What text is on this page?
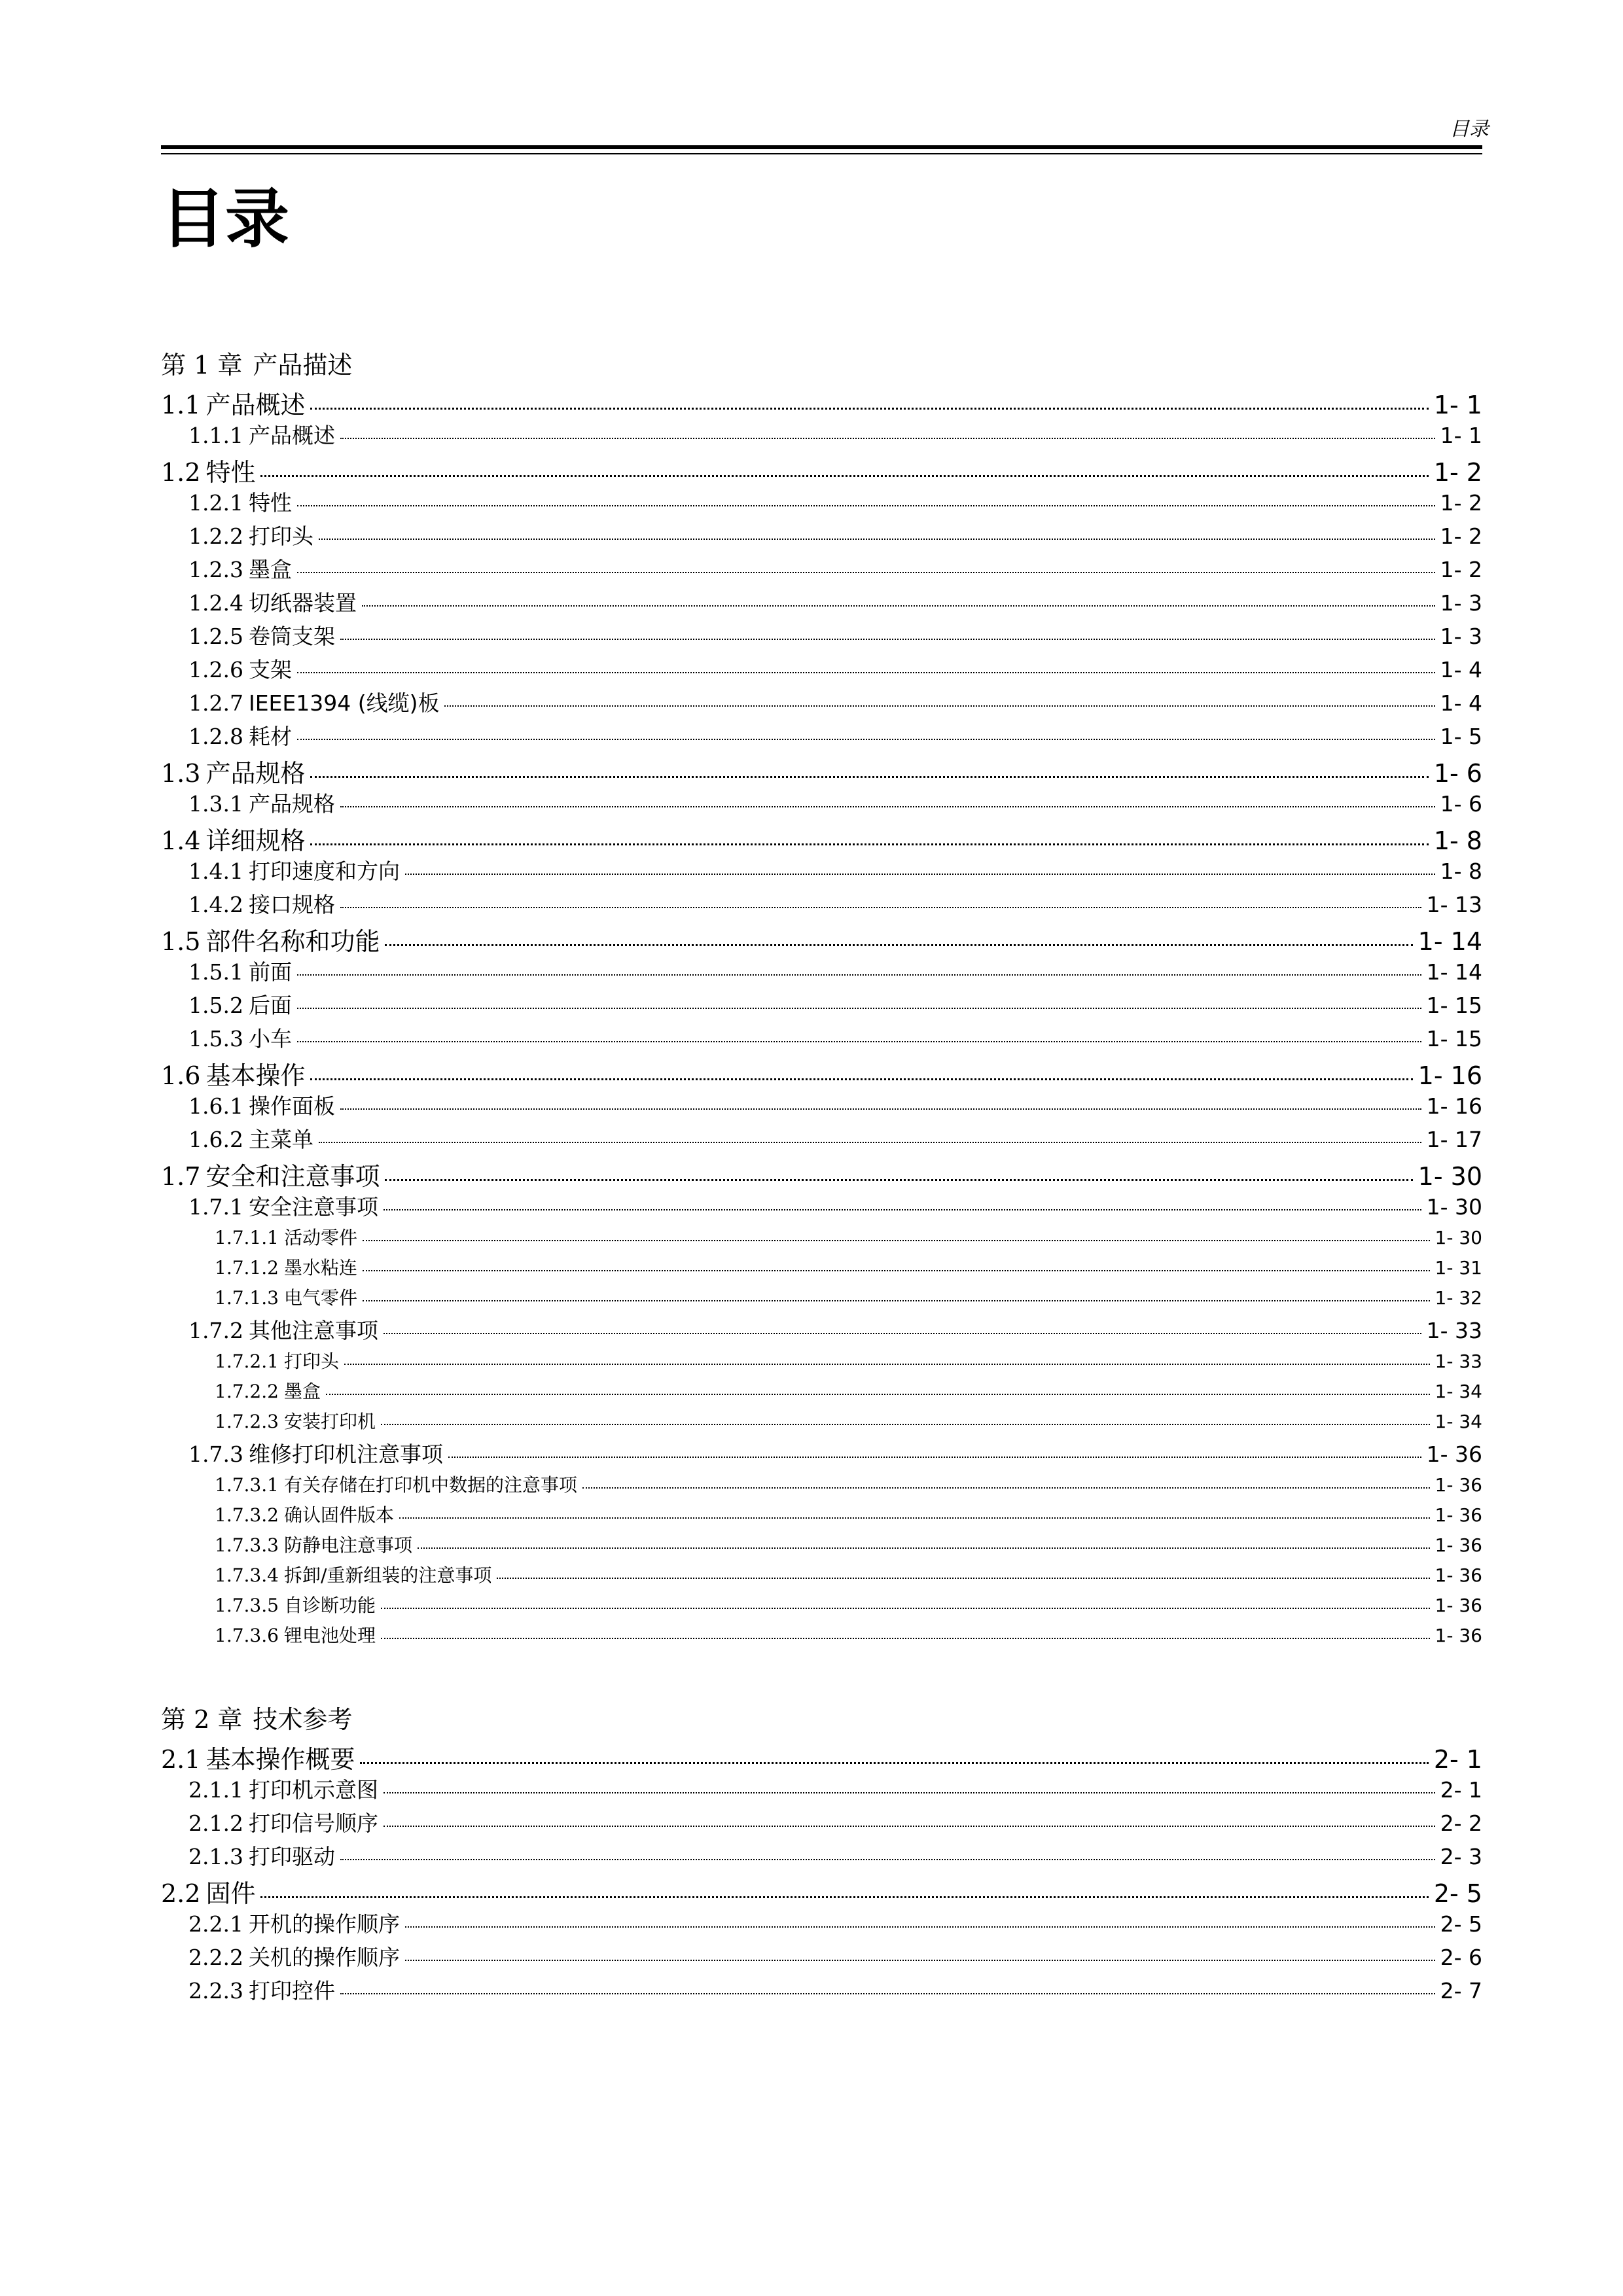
目录
目录
第 1 章 产品描述
1.1 产品概述	1- 1
1.1.1 产品概述	1- 1
1.2 特性	1- 2
1.2.1 特性	1- 2
1.2.2 打印头	1- 2
1.2.3 墨盒	1- 2
1.2.4 切纸器装置	1- 3
1.2.5 卷筒支架	1- 3
1.2.6 支架	1- 4
1.2.7 IEEE1394 (线缆)板	1- 4
1.2.8 耗材	1- 5
1.3 产品规格	1- 6
1.3.1 产品规格	1- 6
1.4 详细规格	1- 8
1.4.1 打印速度和方向	1- 8
1.4.2 接口规格	1- 13
1.5 部件名称和功能	1- 14
1.5.1 前面	1- 14
1.5.2 后面	1- 15
1.5.3 小车	1- 15
1.6 基本操作	1- 16
1.6.1 操作面板	1- 16
1.6.2 主菜单	1- 17
1.7 安全和注意事项	1- 30
1.7.1 安全注意事项	1- 30
1.7.1.1 活动零件	1- 30
1.7.1.2 墨水粘连	1- 31
1.7.1.3 电气零件	1- 32
1.7.2 其他注意事项	1- 33
1.7.2.1 打印头	1- 33
1.7.2.2 墨盒	1- 34
1.7.2.3 安装打印机	1- 34
1.7.3 维修打印机注意事项	1- 36
1.7.3.1 有关存储在打印机中数据的注意事项	1- 36
1.7.3.2 确认固件版本	1- 36
1.7.3.3 防静电注意事项	1- 36
1.7.3.4 拆卸/重新组装的注意事项	1- 36
1.7.3.5 自诊断功能	1- 36
1.7.3.6 锂电池处理	1- 36
第 2 章 技术参考
2.1 基本操作概要	2- 1
2.1.1 打印机示意图	2- 1
2.1.2 打印信号顺序	2- 2
2.1.3 打印驱动	2- 3
2.2 固件	2- 5
2.2.1 开机的操作顺序	2- 5
2.2.2 关机的操作顺序	2- 6
2.2.3 打印控件	2- 7
